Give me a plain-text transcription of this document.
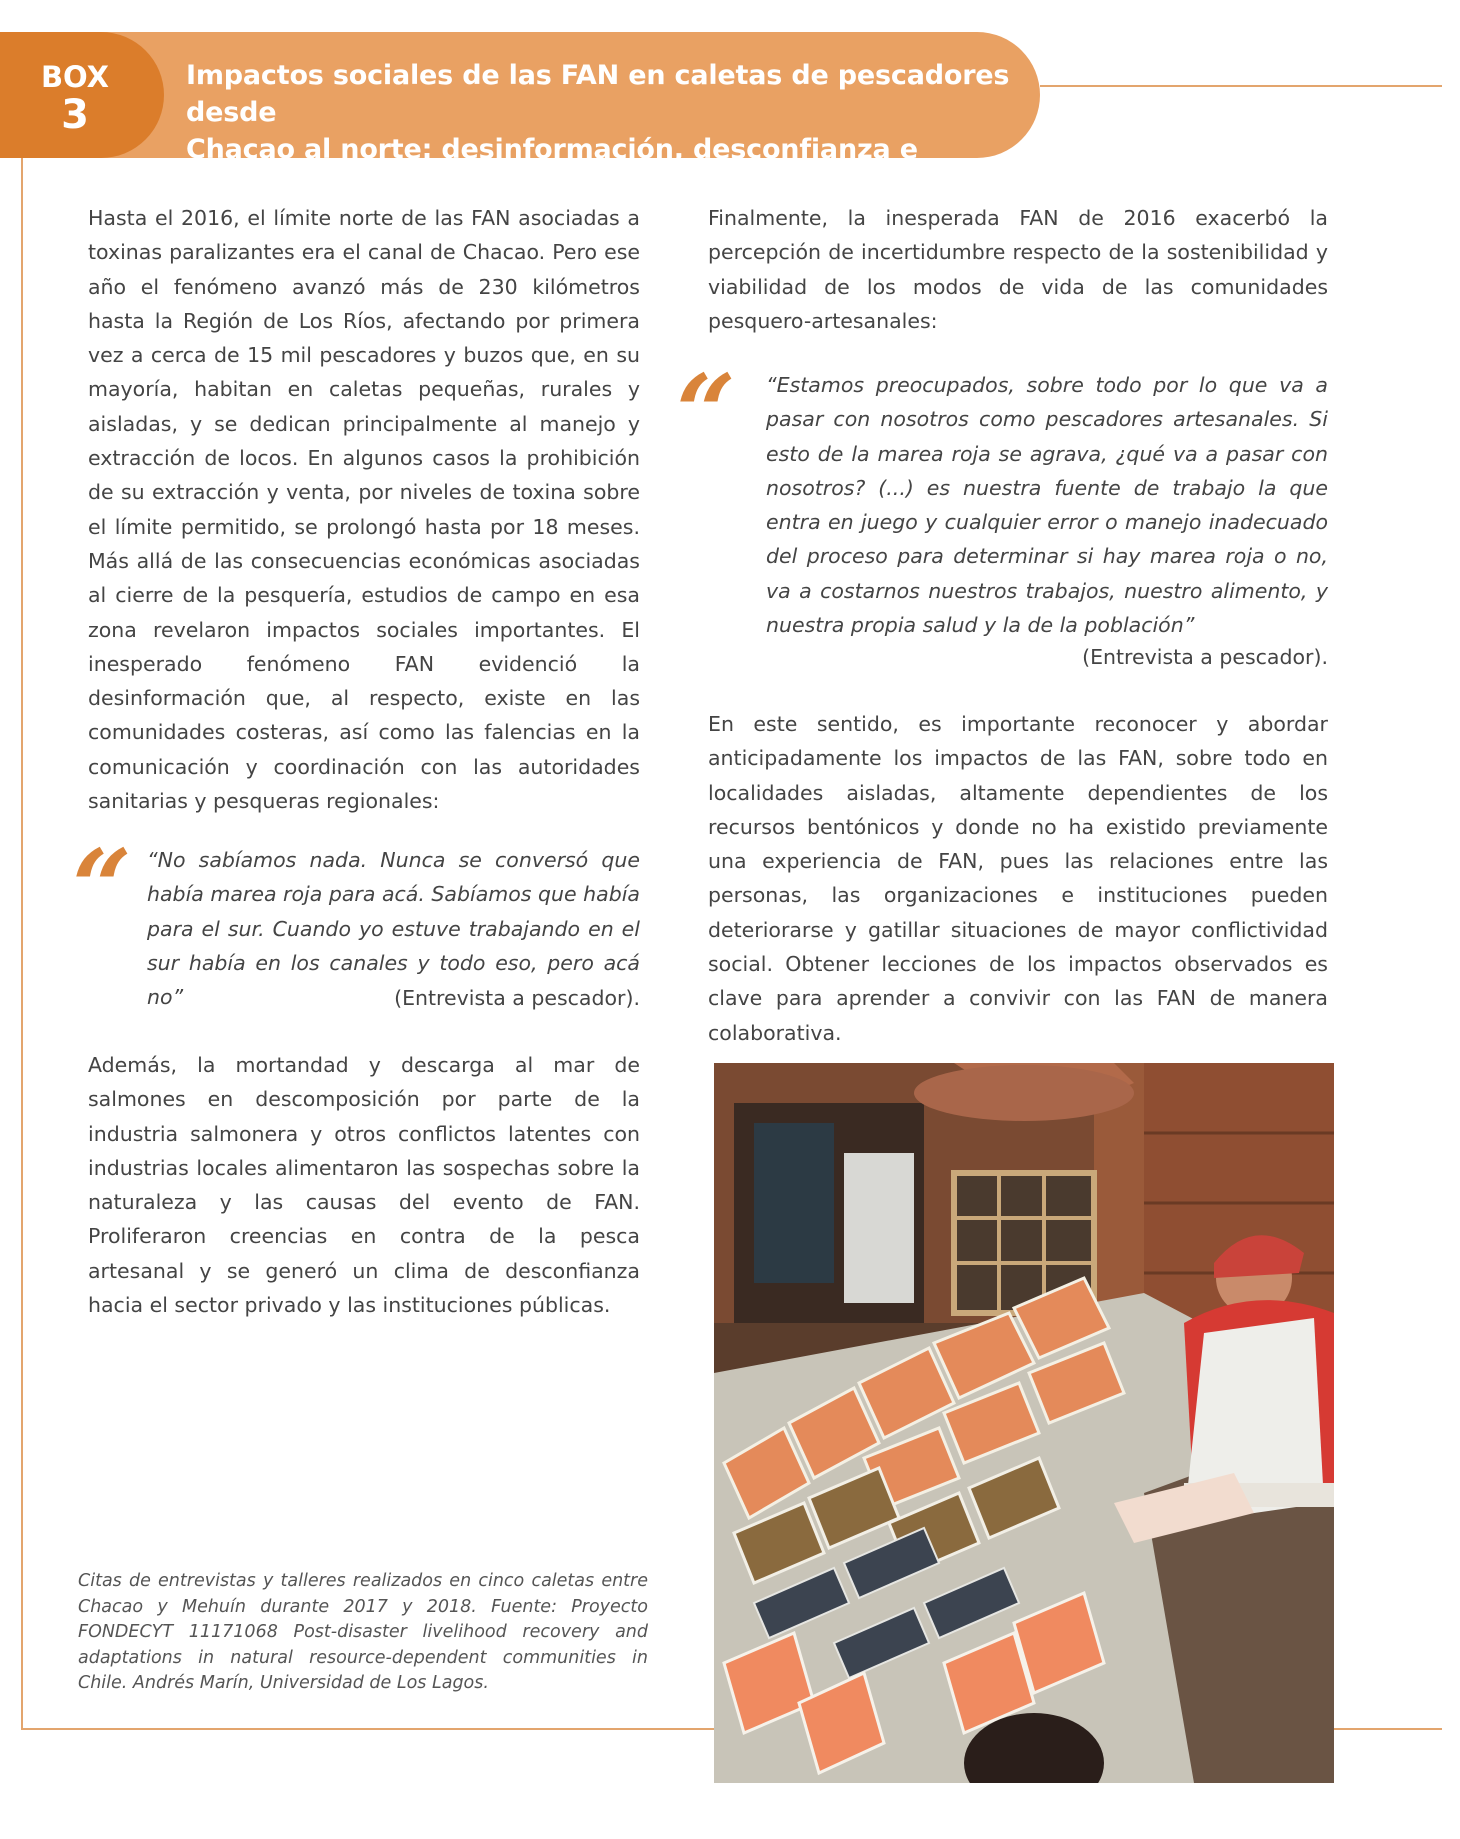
BOX
3
Impactos sociales de las FAN en caletas de pescadores desde
Chacao al norte: desinformación, desconfianza e incertidumbre

Hasta el 2016, el límite norte de las FAN asociadas a toxinas paralizantes era el canal de Chacao. Pero ese año el fenómeno avanzó más de 230 kilómetros hasta la Región de Los Ríos, afectando por primera vez a cerca de 15 mil pescadores y buzos que, en su mayoría, habitan en caletas pequeñas, rurales y aisladas, y se dedican principalmente al manejo y extracción de locos. En algunos casos la prohibición de su extracción y venta, por niveles de toxina sobre el límite permitido, se prolongó hasta por 18 meses. Más allá de las consecuencias económicas asociadas al cierre de la pesquería, estudios de campo en esa zona revelaron impactos sociales importantes. El inesperado fenómeno FAN evidenció la desinformación que, al respecto, existe en las comunidades costeras, así como las falencias en la comunicación y coordinación con las autoridades sanitarias y pesqueras regionales:

“ “No sabíamos nada. Nunca se conversó que había marea roja para acá. Sabíamos que había para el sur. Cuando yo estuve trabajando en el sur había en los canales y todo eso, pero acá no”	(Entrevista a pescador).

Además, la mortandad y descarga al mar de salmones en descomposición por parte de la industria salmonera y otros conflictos latentes con industrias locales alimentaron las sospechas sobre la naturaleza y las causas del evento de FAN. Proliferaron creencias en contra de la pesca artesanal y se generó un clima de desconfianza hacia el sector privado y las instituciones públicas.

Citas de entrevistas y talleres realizados en cinco caletas entre Chacao y Mehuín durante 2017 y 2018. Fuente: Proyecto FONDECYT 11171068 Post-disaster livelihood recovery and adaptations in natural resource-dependent communities in Chile. Andrés Marín, Universidad de Los Lagos.

Finalmente, la inesperada FAN de 2016 exacerbó la percepción de incertidumbre respecto de la sostenibilidad y viabilidad de los modos de vida de las comunidades pesquero-artesanales:

“ “Estamos preocupados, sobre todo por lo que va a pasar con nosotros como pescadores artesanales. Si esto de la marea roja se agrava, ¿qué va a pasar con nosotros? (...) es nuestra fuente de trabajo la que entra en juego y cualquier error o manejo inadecuado del proceso para determinar si hay marea roja o no, va a costarnos nuestros trabajos, nuestro alimento, y nuestra propia salud y la de la población”

(Entrevista a pescador).

En este sentido, es importante reconocer y abordar anticipadamente los impactos de las FAN, sobre todo en localidades aisladas, altamente dependientes de los recursos bentónicos y donde no ha existido previamente una experiencia de FAN, pues las relaciones entre las personas, las organizaciones e instituciones pueden deteriorarse y gatillar situaciones de mayor conflictividad social. Obtener lecciones de los impactos observados es clave para aprender a convivir con las FAN de manera colaborativa.
